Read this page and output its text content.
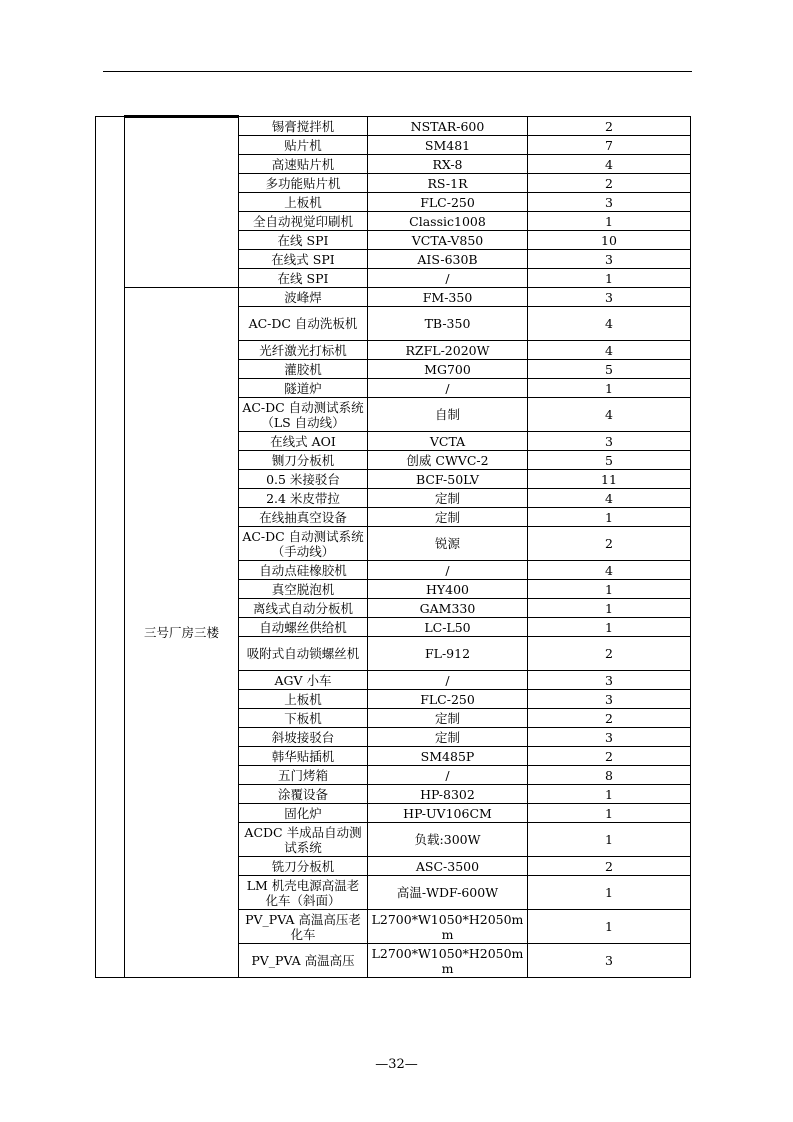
		锡膏搅拌机	NSTAR-600	2
		贴片机	SM481	7
		高速贴片机	RX-8	4
		多功能贴片机	RS-1R	2
		上板机	FLC-250	3
		全自动视觉印刷机	Classic1008	1
		在线 SPI	VCTA-V850	10
		在线式 SPI	AIS-630B	3
		在线 SPI	/	1
	三号厂房三楼	波峰焊	FM-350	3
		AC-DC 自动洗板机	TB-350	4
		光纤激光打标机	RZFL-2020W	4
		灌胶机	MG700	5
		隧道炉	/	1
		AC-DC 自动测试系统（LS 自动线）	自制	4
		在线式 AOI	VCTA	3
		铡刀分板机	创威 CWVC-2	5
		0.5 米接驳台	BCF-50LV	11
		2.4 米皮带拉	定制	4
		在线抽真空设备	定制	1
		AC-DC 自动测试系统（手动线）	锐源	2
		自动点硅橡胶机	/	4
		真空脱泡机	HY400	1
		离线式自动分板机	GAM330	1
		自动螺丝供给机	LC-L50	1
		吸附式自动锁螺丝机	FL-912	2
		AGV 小车	/	3
		上板机	FLC-250	3
		下板机	定制	2
		斜坡接驳台	定制	3
		韩华贴插机	SM485P	2
		五门烤箱	/	8
		涂覆设备	HP-8302	1
		固化炉	HP-UV106CM	1
		ACDC 半成品自动测试系统	负载:300W	1
		铣刀分板机	ASC-3500	2
		LM 机壳电源高温老化车（斜面）	高温-WDF-600W	1
		PV_PVA 高温高压老化车	L2700*W1050*H2050mm	1
		PV_PVA 高温高压	L2700*W1050*H2050mm	3
—32—
